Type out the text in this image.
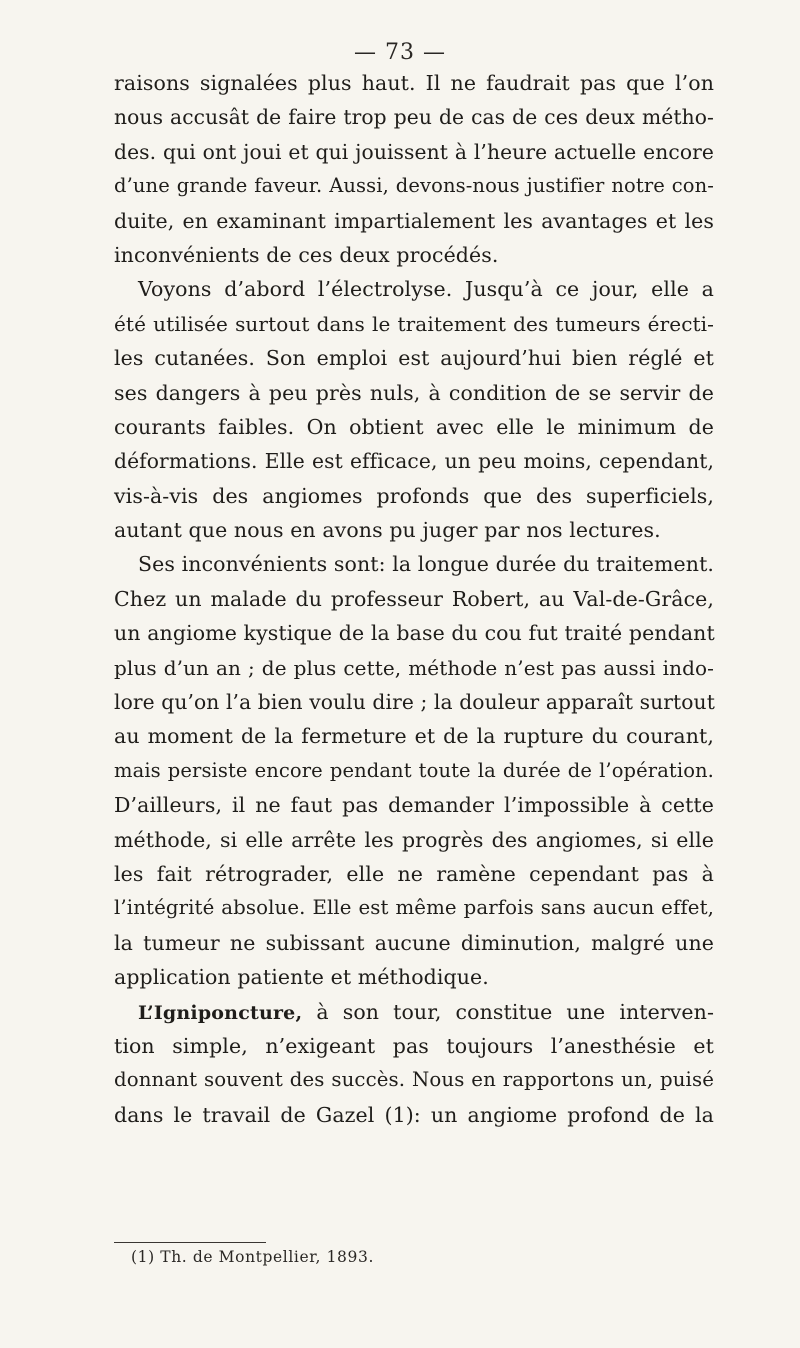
— 73 —
raisons signalées plus haut. Il ne faudrait pas que l’on
nous accusât de faire trop peu de cas de ces deux métho-
des. qui ont joui et qui jouissent à l’heure actuelle encore
d’une grande faveur. Aussi, devons-nous justifier notre con-
duite, en examinant impartialement les avantages et les
inconvénients de ces deux procédés.
Voyons d’abord l’électrolyse. Jusqu’à ce jour, elle a
été utilisée surtout dans le traitement des tumeurs érecti-
les cutanées. Son emploi est aujourd’hui bien réglé et
ses dangers à peu près nuls, à condition de se servir de
courants faibles. On obtient avec elle le minimum de
déformations. Elle est efficace, un peu moins, cependant,
vis-à-vis des angiomes profonds que des superficiels,
autant que nous en avons pu juger par nos lectures.
Ses inconvénients sont: la longue durée du traitement.
Chez un malade du professeur Robert, au Val-de-Grâce,
un angiome kystique de la base du cou fut traité pendant
plus d’un an ; de plus cette, méthode n’est pas aussi indo-
lore qu’on l’a bien voulu dire ; la douleur apparaît surtout
au moment de la fermeture et de la rupture du courant,
mais persiste encore pendant toute la durée de l’opération.
D’ailleurs, il ne faut pas demander l’impossible à cette
méthode, si elle arrête les progrès des angiomes, si elle
les fait rétrograder, elle ne ramène cependant pas à
l’intégrité absolue. Elle est même parfois sans aucun effet,
la tumeur ne subissant aucune diminution, malgré une
application patiente et méthodique.
L’Igniponcture, à son tour, constitue une interven-
tion simple, n’exigeant pas toujours l’anesthésie et
donnant souvent des succès. Nous en rapportons un, puisé
dans le travail de Gazel (1): un angiome profond de la
(1) Th. de Montpellier, 1893.
